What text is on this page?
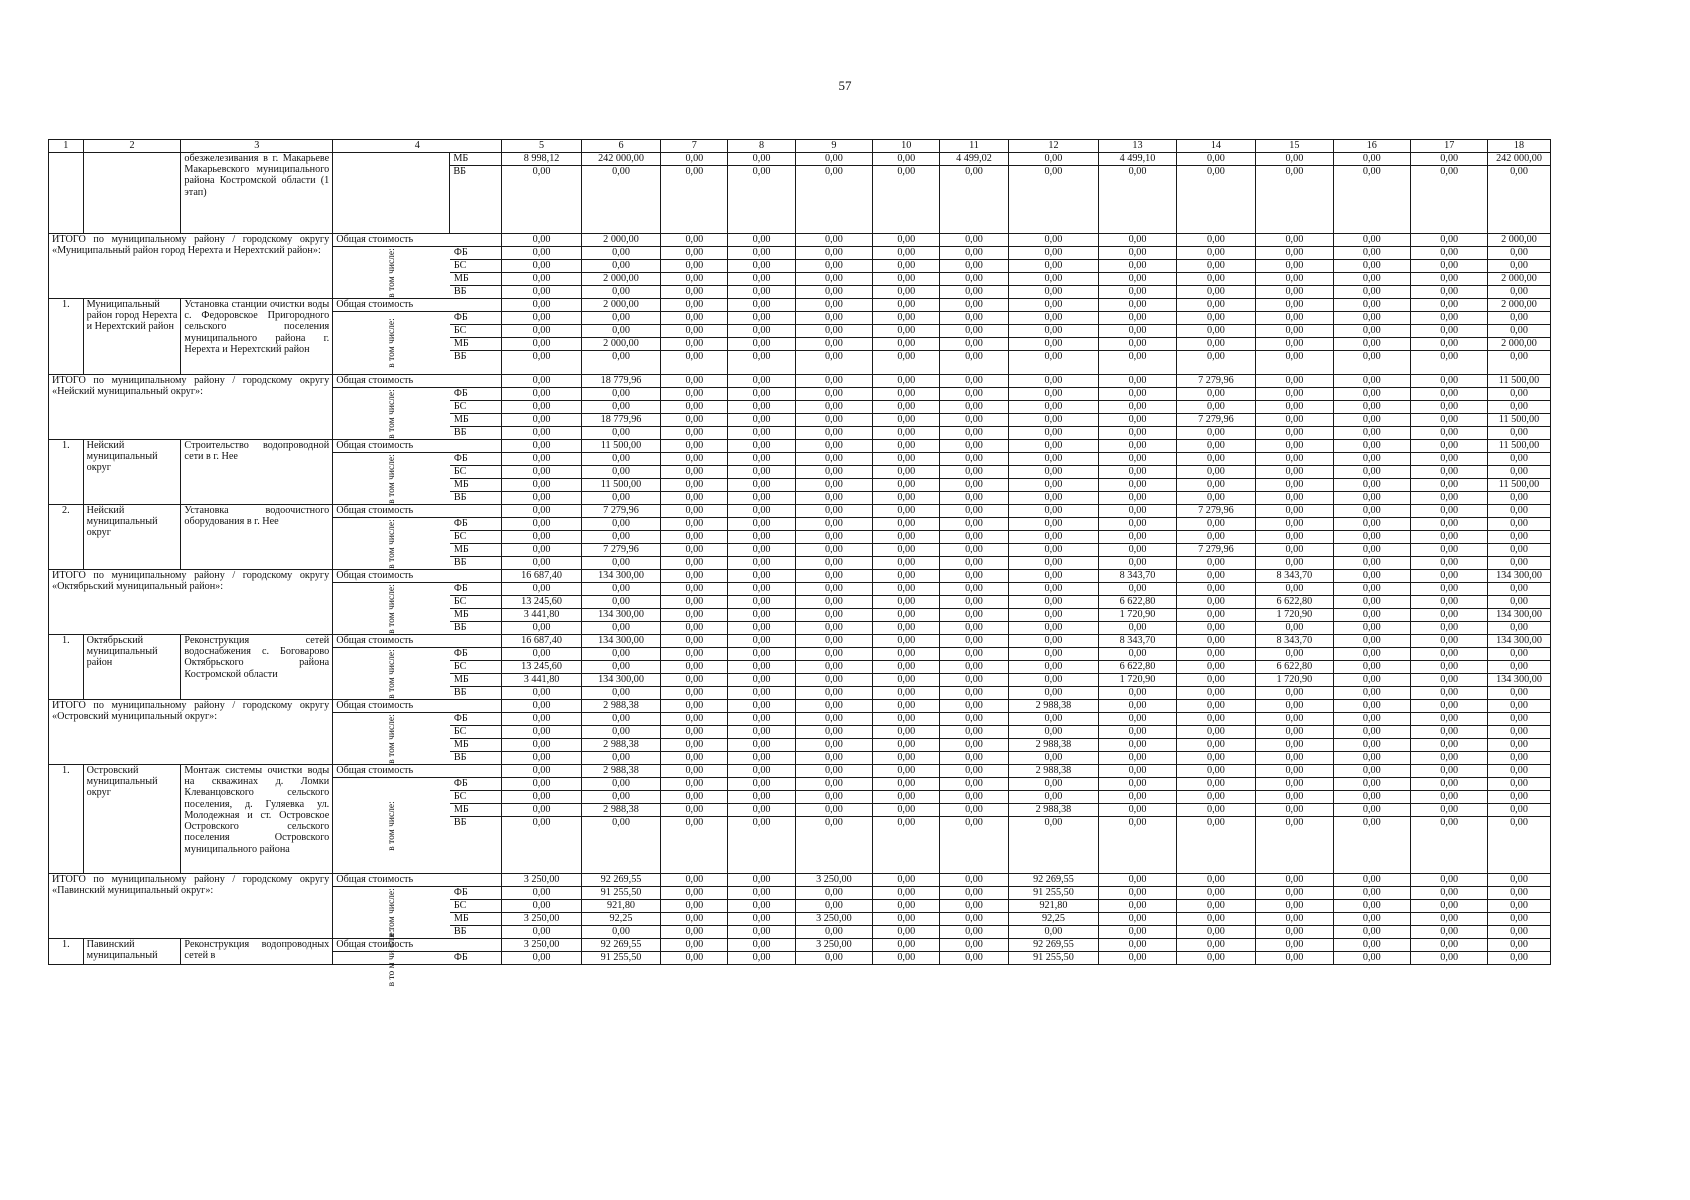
57
1	2	3	4		5	6	7	8	9	10	11	12	13	14	15	16	17	18
		обезжелезивания в г. Макарьеве Макарьевского муниципального района Костромской области (1 этап)		МБ	8 998,12	242 000,00	0,00	0,00	0,00	0,00	4 499,02	0,00	4 499,10	0,00	0,00	0,00	0,00	242 000,00
				ВБ	0,00	0,00	0,00	0,00	0,00	0,00	0,00	0,00	0,00	0,00	0,00	0,00	0,00	0,00
ИТОГО по муниципальному району / городскому округу «Муниципальный район город Нерехта и Нерехтский район»:			Общая стоимость		0,00	2 000,00	0,00	0,00	0,00	0,00	0,00	0,00	0,00	0,00	0,00	0,00	0,00	2 000,00

			в том числе:	ФБ	0,00	0,00	0,00	0,00	0,00	0,00	0,00	0,00	0,00	0,00	0,00	0,00	0,00	0,00
				БС	0,00	0,00	0,00	0,00	0,00	0,00	0,00	0,00	0,00	0,00	0,00	0,00	0,00	0,00
				МБ	0,00	2 000,00	0,00	0,00	0,00	0,00	0,00	0,00	0,00	0,00	0,00	0,00	0,00	2 000,00
				ВБ	0,00	0,00	0,00	0,00	0,00	0,00	0,00	0,00	0,00	0,00	0,00	0,00	0,00	0,00
1.	Муниципальный район город Нерехта и Нерехтский район	Установка станции очистки воды с. Федоровское Пригородного сельского поселения муниципального района г. Нерехта и Нерехтский район	Общая стоимость		0,00	2 000,00	0,00	0,00	0,00	0,00	0,00	0,00	0,00	0,00	0,00	0,00	0,00	2 000,00

			в том числе:	ФБ	0,00	0,00	0,00	0,00	0,00	0,00	0,00	0,00	0,00	0,00	0,00	0,00	0,00	0,00
				БС	0,00	0,00	0,00	0,00	0,00	0,00	0,00	0,00	0,00	0,00	0,00	0,00	0,00	0,00
				МБ	0,00	2 000,00	0,00	0,00	0,00	0,00	0,00	0,00	0,00	0,00	0,00	0,00	0,00	2 000,00
				ВБ	0,00	0,00	0,00	0,00	0,00	0,00	0,00	0,00	0,00	0,00	0,00	0,00	0,00	0,00
ИТОГО по муниципальному району / городскому округу «Нейский муниципальный округ»:			Общая стоимость		0,00	18 779,96	0,00	0,00	0,00	0,00	0,00	0,00	0,00	7 279,96	0,00	0,00	0,00	11 500,00

			в том числе:	ФБ	0,00	0,00	0,00	0,00	0,00	0,00	0,00	0,00	0,00	0,00	0,00	0,00	0,00	0,00
				БС	0,00	0,00	0,00	0,00	0,00	0,00	0,00	0,00	0,00	0,00	0,00	0,00	0,00	0,00
				МБ	0,00	18 779,96	0,00	0,00	0,00	0,00	0,00	0,00	0,00	7 279,96	0,00	0,00	0,00	11 500,00
				ВБ	0,00	0,00	0,00	0,00	0,00	0,00	0,00	0,00	0,00	0,00	0,00	0,00	0,00	0,00
1.	Нейский муниципальный округ	Строительство водопроводной сети в г. Нее	Общая стоимость		0,00	11 500,00	0,00	0,00	0,00	0,00	0,00	0,00	0,00	0,00	0,00	0,00	0,00	11 500,00

			в том числе:	ФБ	0,00	0,00	0,00	0,00	0,00	0,00	0,00	0,00	0,00	0,00	0,00	0,00	0,00	0,00
				БС	0,00	0,00	0,00	0,00	0,00	0,00	0,00	0,00	0,00	0,00	0,00	0,00	0,00	0,00
				МБ	0,00	11 500,00	0,00	0,00	0,00	0,00	0,00	0,00	0,00	0,00	0,00	0,00	0,00	11 500,00
				ВБ	0,00	0,00	0,00	0,00	0,00	0,00	0,00	0,00	0,00	0,00	0,00	0,00	0,00	0,00
2.	Нейский муниципальный округ	Установка водоочистного оборудования в г. Нее	Общая стоимость		0,00	7 279,96	0,00	0,00	0,00	0,00	0,00	0,00	0,00	7 279,96	0,00	0,00	0,00	0,00

			в том числе:	ФБ	0,00	0,00	0,00	0,00	0,00	0,00	0,00	0,00	0,00	0,00	0,00	0,00	0,00	0,00
				БС	0,00	0,00	0,00	0,00	0,00	0,00	0,00	0,00	0,00	0,00	0,00	0,00	0,00	0,00
				МБ	0,00	7 279,96	0,00	0,00	0,00	0,00	0,00	0,00	0,00	7 279,96	0,00	0,00	0,00	0,00
				ВБ	0,00	0,00	0,00	0,00	0,00	0,00	0,00	0,00	0,00	0,00	0,00	0,00	0,00	0,00
ИТОГО по муниципальному району / городскому округу «Октябрьский муниципальный район»:			Общая стоимость		16 687,40	134 300,00	0,00	0,00	0,00	0,00	0,00	0,00	8 343,70	0,00	8 343,70	0,00	0,00	134 300,00

			в том числе:	ФБ	0,00	0,00	0,00	0,00	0,00	0,00	0,00	0,00	0,00	0,00	0,00	0,00	0,00	0,00
				БС	13 245,60	0,00	0,00	0,00	0,00	0,00	0,00	0,00	6 622,80	0,00	6 622,80	0,00	0,00	0,00
				МБ	3 441,80	134 300,00	0,00	0,00	0,00	0,00	0,00	0,00	1 720,90	0,00	1 720,90	0,00	0,00	134 300,00
				ВБ	0,00	0,00	0,00	0,00	0,00	0,00	0,00	0,00	0,00	0,00	0,00	0,00	0,00	0,00
1.	Октябрьский муниципальный район	Реконструкция сетей водоснабжения с. Боговарово Октябрьского района Костромской области	Общая стоимость		16 687,40	134 300,00	0,00	0,00	0,00	0,00	0,00	0,00	8 343,70	0,00	8 343,70	0,00	0,00	134 300,00

			в том числе:	ФБ	0,00	0,00	0,00	0,00	0,00	0,00	0,00	0,00	0,00	0,00	0,00	0,00	0,00	0,00
				БС	13 245,60	0,00	0,00	0,00	0,00	0,00	0,00	0,00	6 622,80	0,00	6 622,80	0,00	0,00	0,00
				МБ	3 441,80	134 300,00	0,00	0,00	0,00	0,00	0,00	0,00	1 720,90	0,00	1 720,90	0,00	0,00	134 300,00
				ВБ	0,00	0,00	0,00	0,00	0,00	0,00	0,00	0,00	0,00	0,00	0,00	0,00	0,00	0,00
ИТОГО по муниципальному району / городскому округу «Островский муниципальный округ»:			Общая стоимость		0,00	2 988,38	0,00	0,00	0,00	0,00	0,00	2 988,38	0,00	0,00	0,00	0,00	0,00	0,00

			в том числе:	ФБ	0,00	0,00	0,00	0,00	0,00	0,00	0,00	0,00	0,00	0,00	0,00	0,00	0,00	0,00
				БС	0,00	0,00	0,00	0,00	0,00	0,00	0,00	0,00	0,00	0,00	0,00	0,00	0,00	0,00
				МБ	0,00	2 988,38	0,00	0,00	0,00	0,00	0,00	2 988,38	0,00	0,00	0,00	0,00	0,00	0,00
				ВБ	0,00	0,00	0,00	0,00	0,00	0,00	0,00	0,00	0,00	0,00	0,00	0,00	0,00	0,00
1.	Островский муниципальный округ	Монтаж системы очистки воды на скважинах д. Ломки Клеванцовского сельского поселения, д. Гуляевка ул. Молодежная и ст. Островское Островского сельского поселения Островского муниципального района	Общая стоимость		0,00	2 988,38	0,00	0,00	0,00	0,00	0,00	2 988,38	0,00	0,00	0,00	0,00	0,00	0,00

			в том числе:	ФБ	0,00	0,00	0,00	0,00	0,00	0,00	0,00	0,00	0,00	0,00	0,00	0,00	0,00	0,00
				БС	0,00	0,00	0,00	0,00	0,00	0,00	0,00	0,00	0,00	0,00	0,00	0,00	0,00	0,00
				МБ	0,00	2 988,38	0,00	0,00	0,00	0,00	0,00	2 988,38	0,00	0,00	0,00	0,00	0,00	0,00
				ВБ	0,00	0,00	0,00	0,00	0,00	0,00	0,00	0,00	0,00	0,00	0,00	0,00	0,00	0,00
ИТОГО по муниципальному району / городскому округу «Павинский муниципальный округ»:			Общая стоимость		3 250,00	92 269,55	0,00	0,00	3 250,00	0,00	0,00	92 269,55	0,00	0,00	0,00	0,00	0,00	0,00

			в том числе:	ФБ	0,00	91 255,50	0,00	0,00	0,00	0,00	0,00	91 255,50	0,00	0,00	0,00	0,00	0,00	0,00
				БС	0,00	921,80	0,00	0,00	0,00	0,00	0,00	921,80	0,00	0,00	0,00	0,00	0,00	0,00
				МБ	3 250,00	92,25	0,00	0,00	3 250,00	0,00	0,00	92,25	0,00	0,00	0,00	0,00	0,00	0,00
				ВБ	0,00	0,00	0,00	0,00	0,00	0,00	0,00	0,00	0,00	0,00	0,00	0,00	0,00	0,00
1.	Павинский муниципальный	Реконструкция водопроводных сетей в	Общая стоимость		3 250,00	92 269,55	0,00	0,00	3 250,00	0,00	0,00	92 269,55	0,00	0,00	0,00	0,00	0,00	0,00

			в то м чи сл е:	ФБ	0,00	91 255,50	0,00	0,00	0,00	0,00	0,00	91 255,50	0,00	0,00	0,00	0,00	0,00	0,00
